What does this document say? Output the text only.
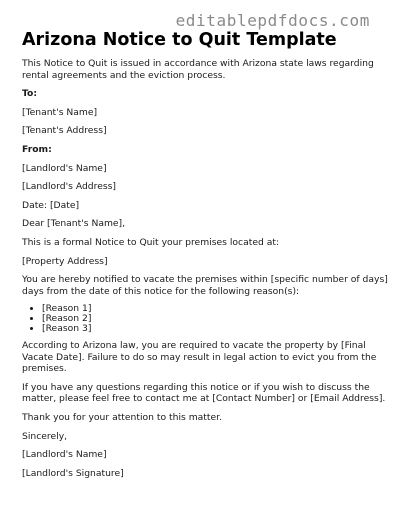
editablepdfdocs.com
Arizona Notice to Quit Template

This Notice to Quit is issued in accordance with Arizona state laws regarding rental agreements and the eviction process.

To:

[Tenant's Name]

[Tenant's Address]

From:

[Landlord's Name]

[Landlord's Address]

Date: [Date]

Dear [Tenant's Name],

This is a formal Notice to Quit your premises located at:

[Property Address]

You are hereby notified to vacate the premises within [specific number of days] days from the date of this notice for the following reason(s):

• [Reason 1]
• [Reason 2]
• [Reason 3]

According to Arizona law, you are required to vacate the property by [Final Vacate Date]. Failure to do so may result in legal action to evict you from the premises.

If you have any questions regarding this notice or if you wish to discuss the matter, please feel free to contact me at [Contact Number] or [Email Address].

Thank you for your attention to this matter.

Sincerely,

[Landlord's Name]

[Landlord's Signature]
